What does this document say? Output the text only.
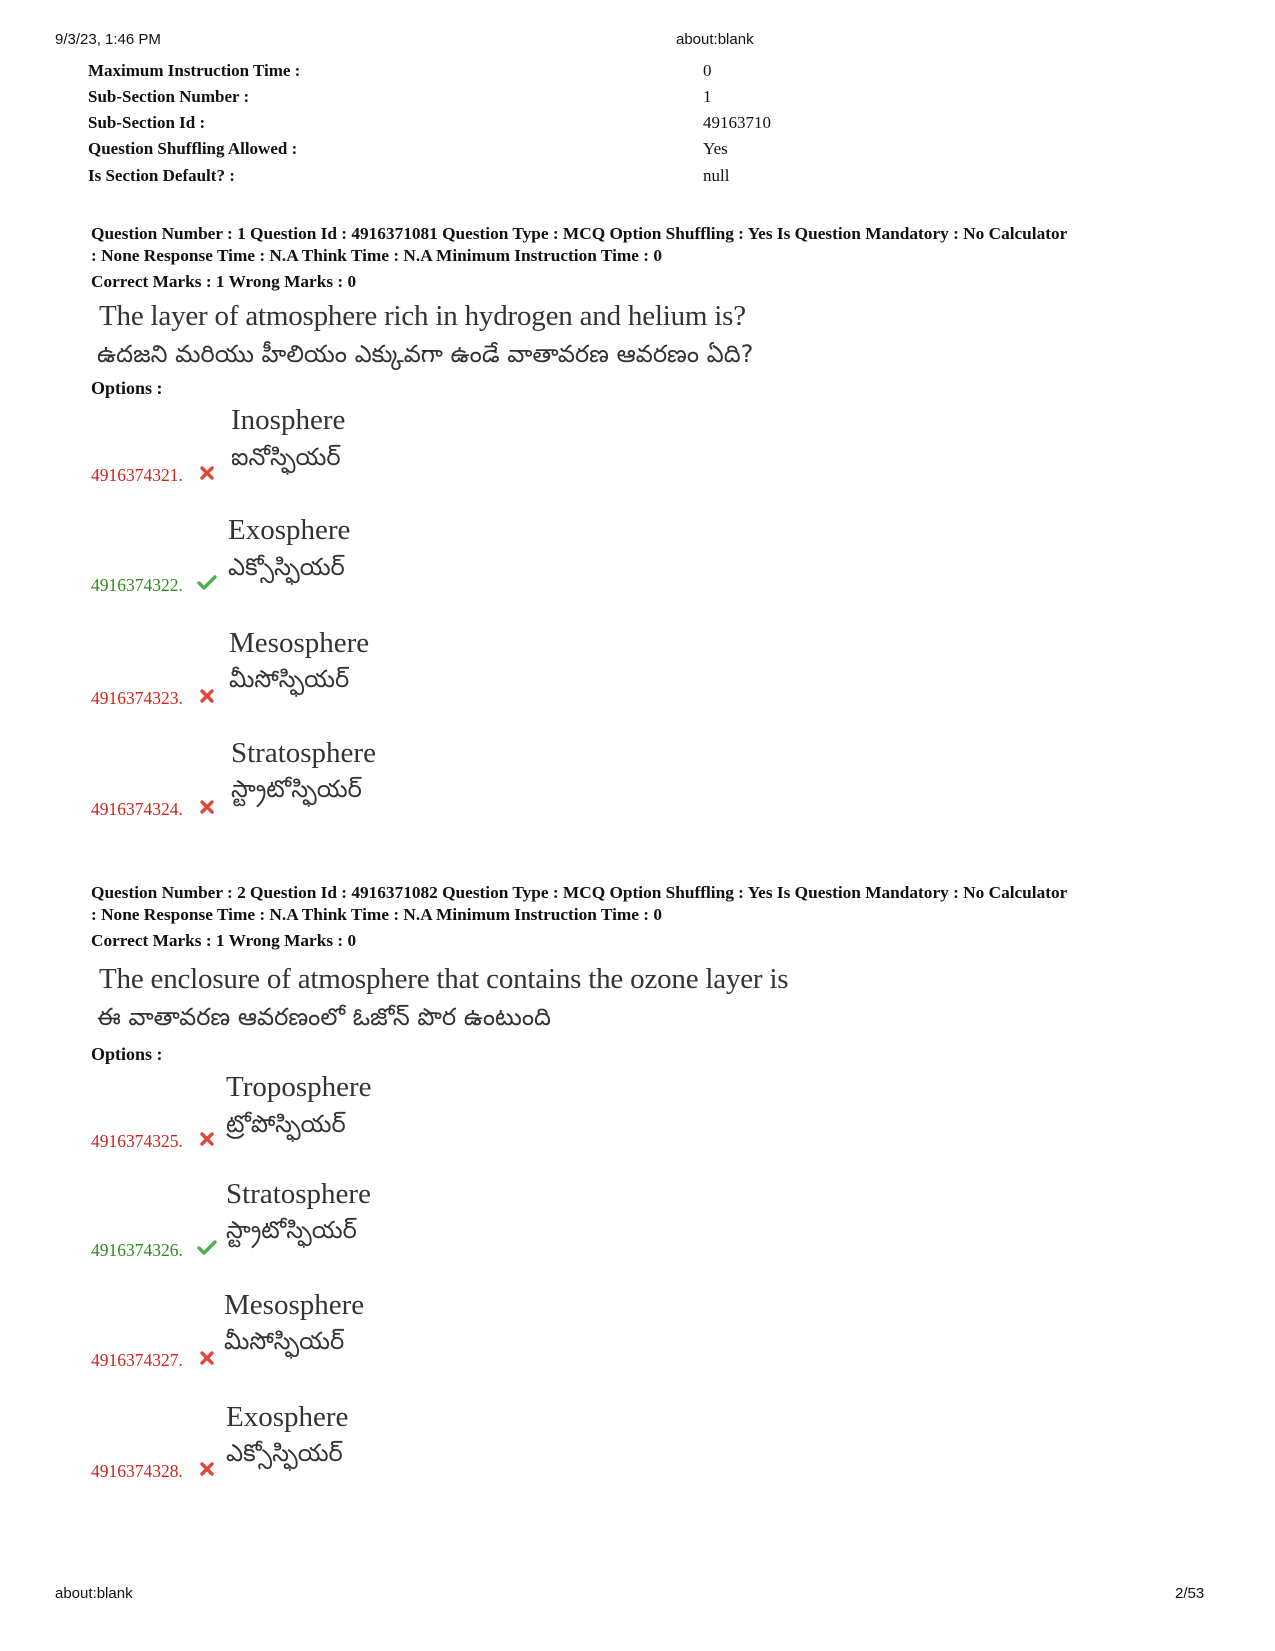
9/3/23, 1:46 PM	about:blank
Maximum Instruction Time :	0
Sub-Section Number :	1
Sub-Section Id :	49163710
Question Shuffling Allowed :	Yes
Is Section Default? :	null
Question Number : 1 Question Id : 4916371081 Question Type : MCQ Option Shuffling : Yes Is Question Mandatory : No Calculator
: None Response Time : N.A Think Time : N.A Minimum Instruction Time : 0
Correct Marks : 1 Wrong Marks : 0
The layer of atmosphere rich in hydrogen and helium is?
ఉదజని మరియు హీలియం ఎక్కువగా ఉండే వాతావరణ ఆవరణం ఏది?
Options :
Inosphere
ఐనోస్ఫియర్
4916374321.
Exosphere
ఎక్సోస్ఫియర్
4916374322.
Mesosphere
మీసోస్ఫియర్
4916374323.
Stratosphere
స్ట్రాటోస్ఫియర్
4916374324.
Question Number : 2 Question Id : 4916371082 Question Type : MCQ Option Shuffling : Yes Is Question Mandatory : No Calculator
: None Response Time : N.A Think Time : N.A Minimum Instruction Time : 0
Correct Marks : 1 Wrong Marks : 0
The enclosure of atmosphere that contains the ozone layer is
ఈ వాతావరణ ఆవరణంలో ఓజోన్ పొర ఉంటుంది
Options :
Troposphere
ట్రోపోస్ఫియర్
4916374325.
Stratosphere
స్ట్రాటోస్ఫియర్
4916374326.
Mesosphere
మీసోస్ఫియర్
4916374327.
Exosphere
ఎక్సోస్ఫియర్
4916374328.
about:blank	2/53
